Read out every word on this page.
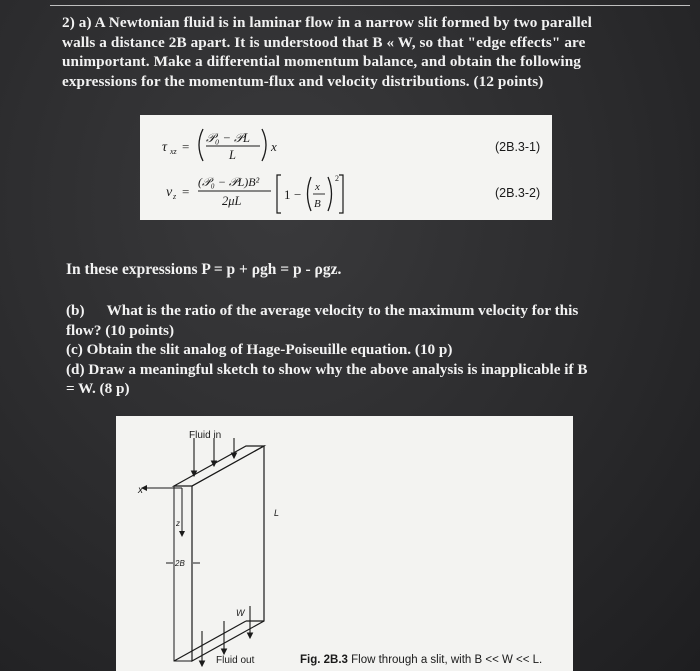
2) a) A Newtonian fluid is in laminar flow in a narrow slit formed by two parallel
walls a distance 2B apart. It is understood that B « W, so that "edge effects" are
unimportant. Make a differential momentum balance, and obtain the following
expressions for the momentum-flux and velocity distributions. (12 points)
τ xz =
𝒫₀ − 𝒫L
L
x	(2B.3-1)
v z =
(𝒫₀ − 𝒫L)B²
2μL	1 − x
B
2
(2B.3-2)
In these expressions P = p + ρgh = p - ρgz.
(b) What is the ratio of the average velocity to the maximum velocity for this
flow? (10 points)
(c) Obtain the slit analog of Hage-Poiseuille equation. (10 p)
(d) Draw a meaningful sketch to show why the above analysis is inapplicable if B
= W. (8 p)
Fluid in
x
z
2B
L
W
Fluid out	Fig. 2B.3 Flow through a slit, with B << W << L.
